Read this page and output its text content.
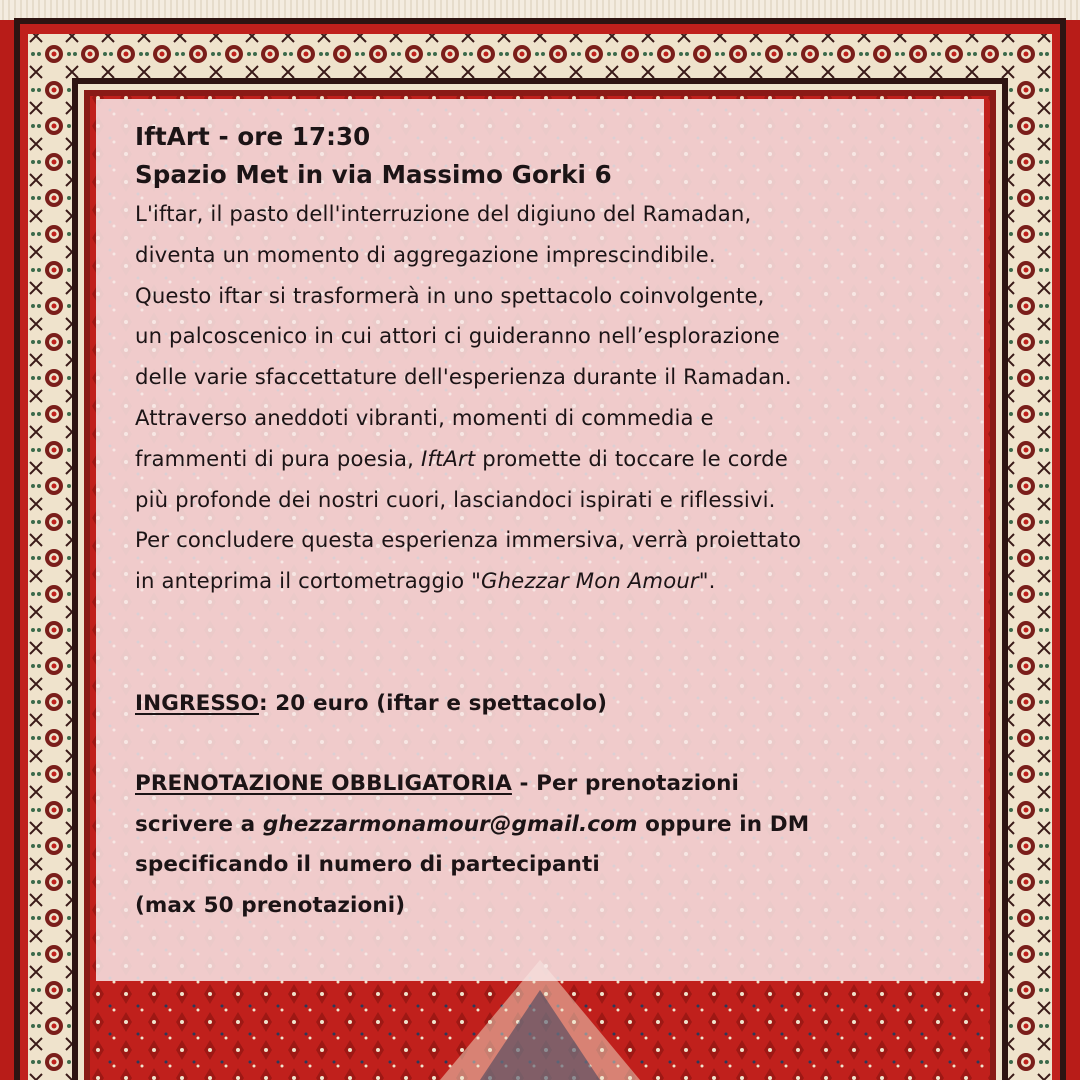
IftArt - ore 17:30

Spazio Met in via Massimo Gorki 6

L'iftar, il pasto dell'interruzione del digiuno del Ramadan,

diventa un momento di aggregazione imprescindibile.

Questo iftar si trasformerà in uno spettacolo coinvolgente,

un palcoscenico in cui attori ci guideranno nell’esplorazione

delle varie sfaccettature dell'esperienza durante il Ramadan.

Attraverso aneddoti vibranti, momenti di commedia e

frammenti di pura poesia, IftArt promette di toccare le corde

più profonde dei nostri cuori, lasciandoci ispirati e riflessivi.

Per concludere questa esperienza immersiva, verrà proiettato

in anteprima il cortometraggio "Ghezzar Mon Amour".

INGRESSO: 20 euro (iftar e spettacolo)

PRENOTAZIONE OBBLIGATORIA - Per prenotazioni

scrivere a ghezzarmonamour@gmail.com oppure in DM

specificando il numero di partecipanti

(max 50 prenotazioni)
